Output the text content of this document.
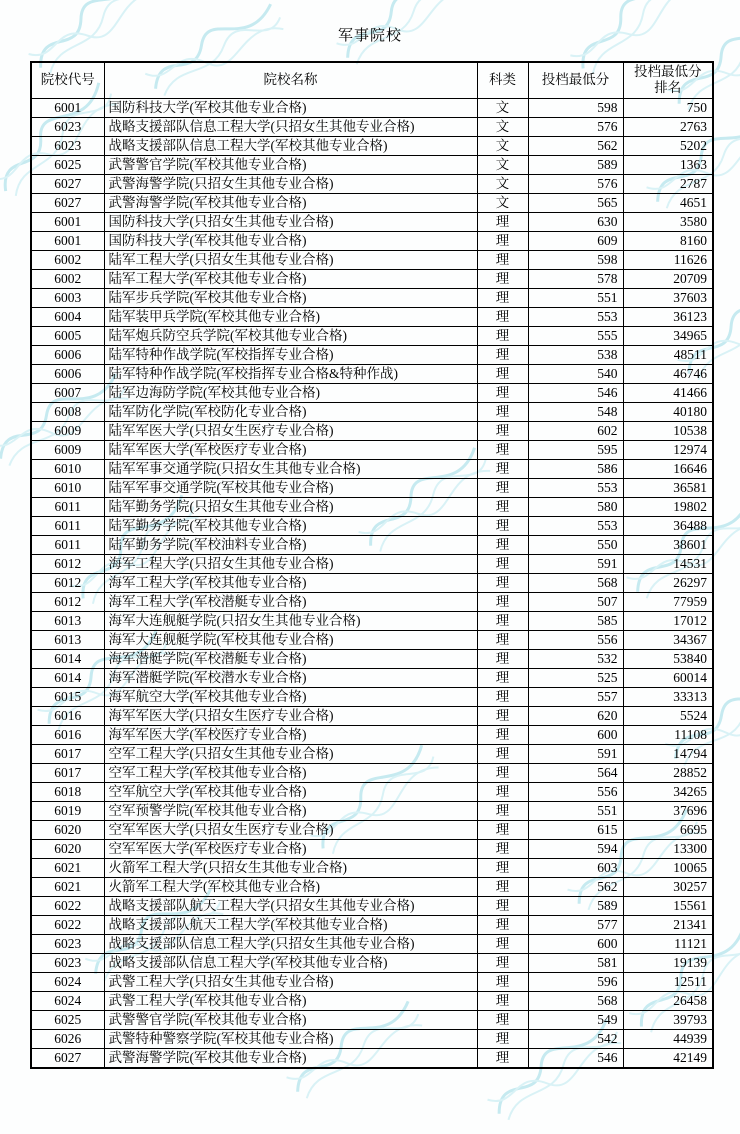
军事院校
院校代号	院校名称	科类	投档最低分	投档最低分排名
6001	国防科技大学(军校其他专业合格)	文	598	750
6023	战略支援部队信息工程大学(只招女生其他专业合格)	文	576	2763
6023	战略支援部队信息工程大学(军校其他专业合格)	文	562	5202
6025	武警警官学院(军校其他专业合格)	文	589	1363
6027	武警海警学院(只招女生其他专业合格)	文	576	2787
6027	武警海警学院(军校其他专业合格)	文	565	4651
6001	国防科技大学(只招女生其他专业合格)	理	630	3580
6001	国防科技大学(军校其他专业合格)	理	609	8160
6002	陆军工程大学(只招女生其他专业合格)	理	598	11626
6002	陆军工程大学(军校其他专业合格)	理	578	20709
6003	陆军步兵学院(军校其他专业合格)	理	551	37603
6004	陆军装甲兵学院(军校其他专业合格)	理	553	36123
6005	陆军炮兵防空兵学院(军校其他专业合格)	理	555	34965
6006	陆军特种作战学院(军校指挥专业合格)	理	538	48511
6006	陆军特种作战学院(军校指挥专业合格&特种作战)	理	540	46746
6007	陆军边海防学院(军校其他专业合格)	理	546	41466
6008	陆军防化学院(军校防化专业合格)	理	548	40180
6009	陆军军医大学(只招女生医疗专业合格)	理	602	10538
6009	陆军军医大学(军校医疗专业合格)	理	595	12974
6010	陆军军事交通学院(只招女生其他专业合格)	理	586	16646
6010	陆军军事交通学院(军校其他专业合格)	理	553	36581
6011	陆军勤务学院(只招女生其他专业合格)	理	580	19802
6011	陆军勤务学院(军校其他专业合格)	理	553	36488
6011	陆军勤务学院(军校油料专业合格)	理	550	38601
6012	海军工程大学(只招女生其他专业合格)	理	591	14531
6012	海军工程大学(军校其他专业合格)	理	568	26297
6012	海军工程大学(军校潜艇专业合格)	理	507	77959
6013	海军大连舰艇学院(只招女生其他专业合格)	理	585	17012
6013	海军大连舰艇学院(军校其他专业合格)	理	556	34367
6014	海军潜艇学院(军校潜艇专业合格)	理	532	53840
6014	海军潜艇学院(军校潜水专业合格)	理	525	60014
6015	海军航空大学(军校其他专业合格)	理	557	33313
6016	海军军医大学(只招女生医疗专业合格)	理	620	5524
6016	海军军医大学(军校医疗专业合格)	理	600	11108
6017	空军工程大学(只招女生其他专业合格)	理	591	14794
6017	空军工程大学(军校其他专业合格)	理	564	28852
6018	空军航空大学(军校其他专业合格)	理	556	34265
6019	空军预警学院(军校其他专业合格)	理	551	37696
6020	空军军医大学(只招女生医疗专业合格)	理	615	6695
6020	空军军医大学(军校医疗专业合格)	理	594	13300
6021	火箭军工程大学(只招女生其他专业合格)	理	603	10065
6021	火箭军工程大学(军校其他专业合格)	理	562	30257
6022	战略支援部队航天工程大学(只招女生其他专业合格)	理	589	15561
6022	战略支援部队航天工程大学(军校其他专业合格)	理	577	21341
6023	战略支援部队信息工程大学(只招女生其他专业合格)	理	600	11121
6023	战略支援部队信息工程大学(军校其他专业合格)	理	581	19139
6024	武警工程大学(只招女生其他专业合格)	理	596	12511
6024	武警工程大学(军校其他专业合格)	理	568	26458
6025	武警警官学院(军校其他专业合格)	理	549	39793
6026	武警特种警察学院(军校其他专业合格)	理	542	44939
6027	武警海警学院(军校其他专业合格)	理	546	42149
